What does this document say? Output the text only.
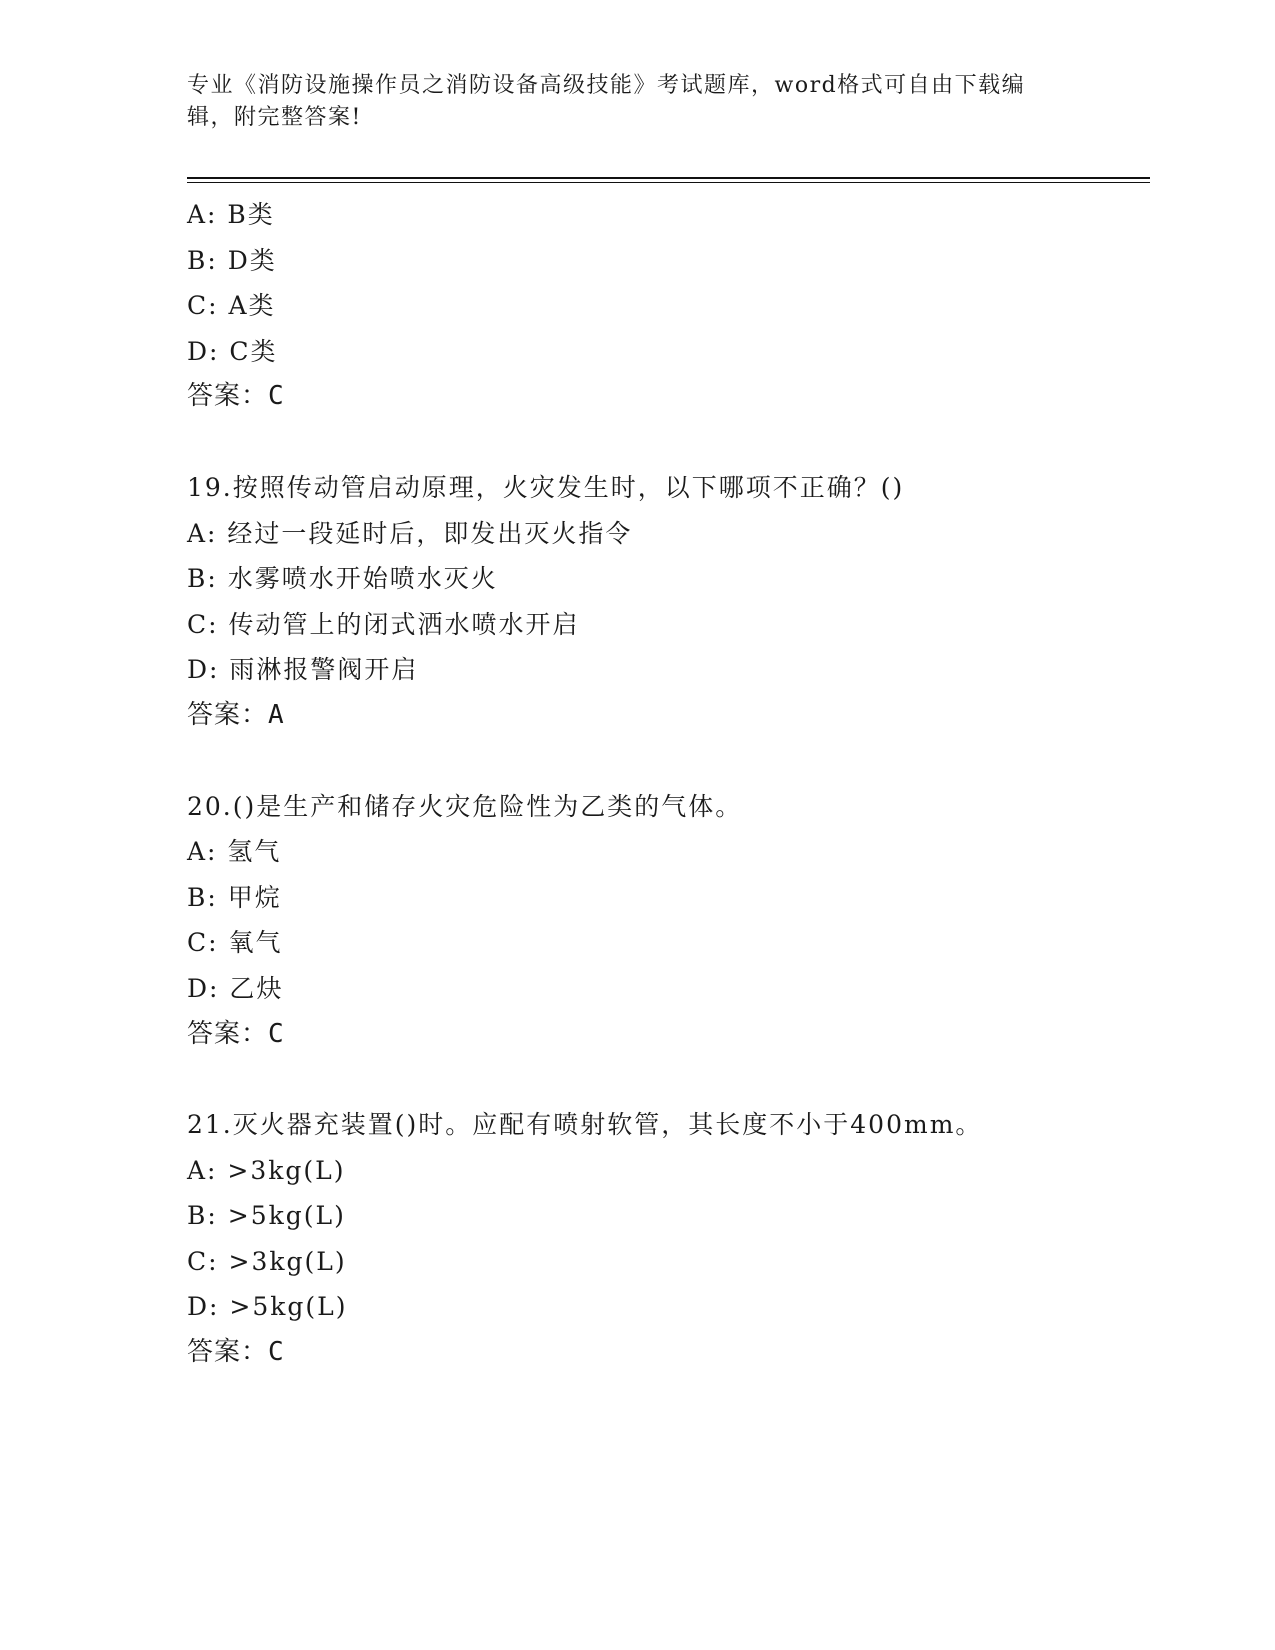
专业《消防设施操作员之消防设备高级技能》考试题库，word格式可自由下载编辑，附完整答案!
A: B类
B: D类
C: A类
D: C类
答案：C
19.按照传动管启动原理，火灾发生时，以下哪项不正确？()
A: 经过一段延时后，即发出灭火指令
B: 水雾喷水开始喷水灭火
C: 传动管上的闭式洒水喷水开启
D: 雨淋报警阀开启
答案：A
20.()是生产和储存火灾危险性为乙类的气体。
A: 氢气
B: 甲烷
C: 氧气
D: 乙炔
答案：C
21.灭火器充装置()时。应配有喷射软管，其长度不小于400mm。
A: >3kg(L)
B: >5kg(L)
C: >3kg(L)
D: >5kg(L)
答案：C
